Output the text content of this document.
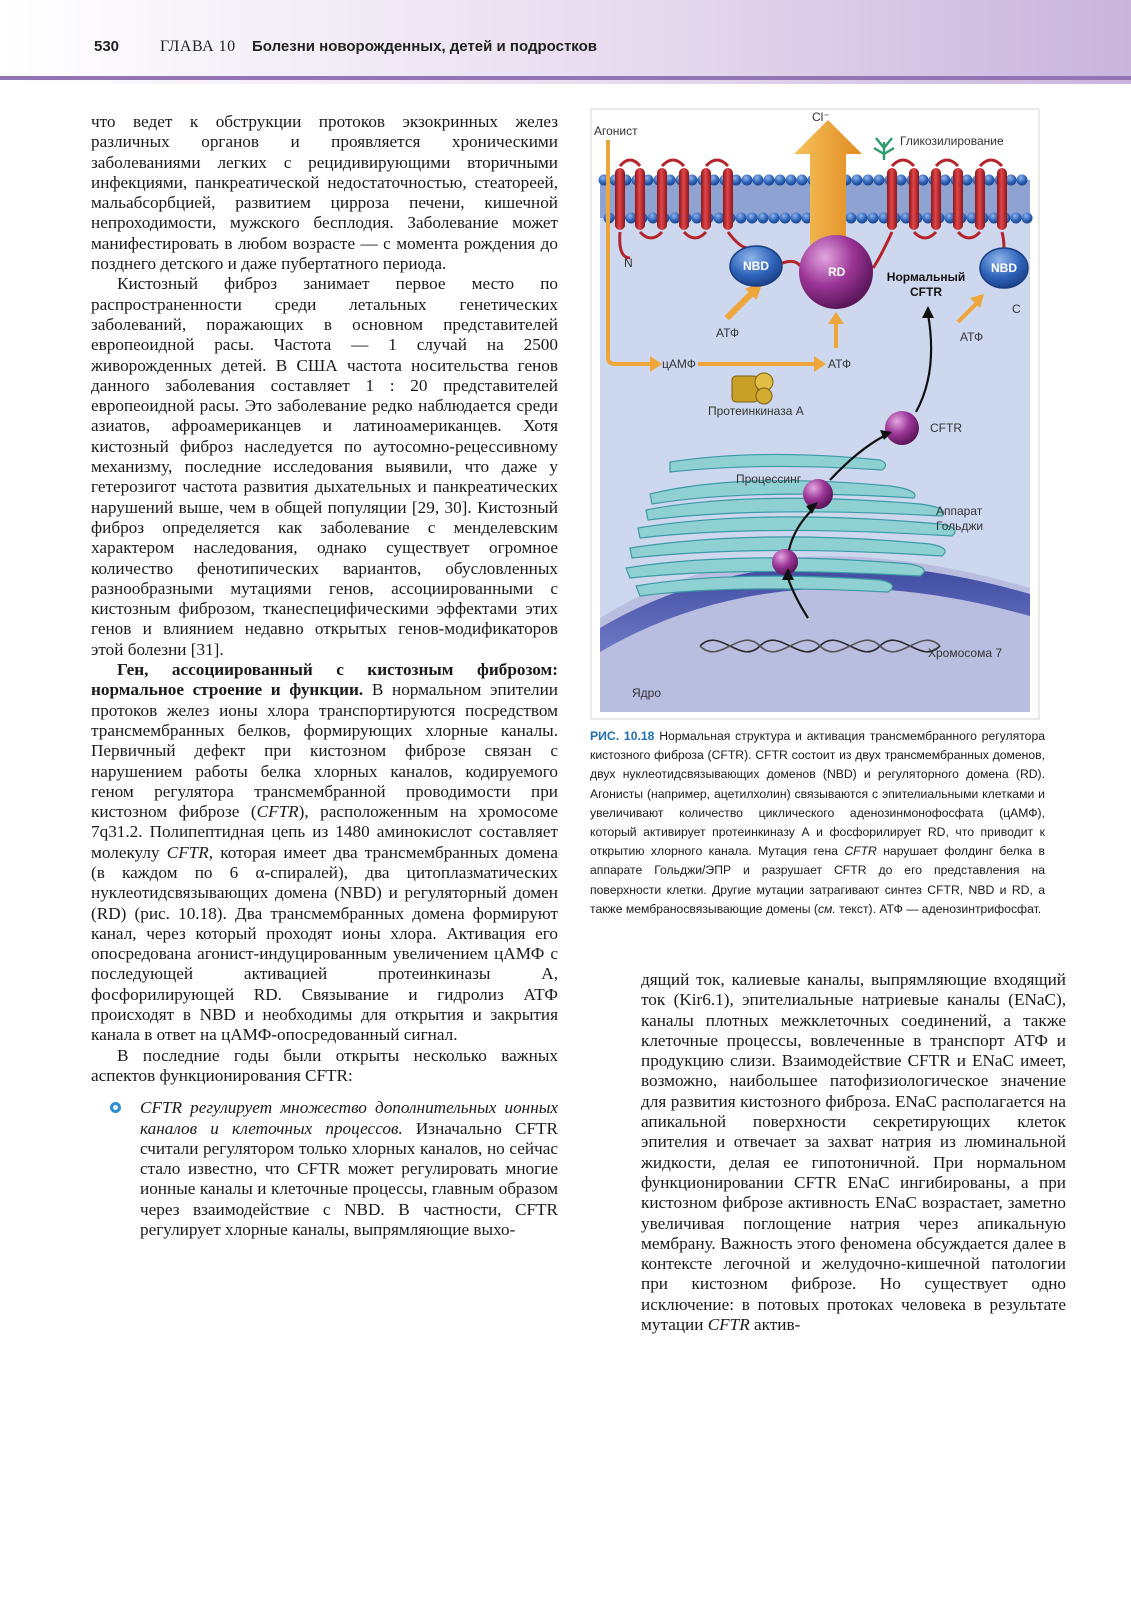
530	ГЛАВА 10 Болезни новорожденных, детей и подростков

что ведет к обструкции протоков экзокринных желез различных органов и проявляется хроническими заболеваниями легких с рецидивирующими вторичными инфекциями, панкреатической недостаточностью, стеатореей, мальабсорбцией, развитием цирроза печени, кишечной непроходимости, мужского бесплодия. Заболевание может манифестировать в любом возрасте — с момента рождения до позднего детского и даже пубертатного периода.

Кистозный фиброз занимает первое место по распространенности среди летальных генетических заболеваний, поражающих в основном представителей европеоидной расы. Частота — 1 случай на 2500 живорожденных детей. В США частота носительства генов данного заболевания составляет 1 : 20 представителей европеоидной расы. Это заболевание редко наблюдается среди азиатов, афроамериканцев и латиноамериканцев. Хотя кистозный фиброз наследуется по аутосомно-рецессивному механизму, последние исследования выявили, что даже у гетерозигот частота развития дыхательных и панкреатических нарушений выше, чем в общей популяции [29, 30]. Кистозный фиброз определяется как заболевание с менделевским характером наследования, однако существует огромное количество фенотипических вариантов, обусловленных разнообразными мутациями генов, ассоциированными с кистозным фиброзом, тканеспецифическими эффектами этих генов и влиянием недавно открытых генов-модификаторов этой болезни [31].

Ген, ассоциированный с кистозным фиброзом: нормальное строение и функции. В нормальном эпителии протоков желез ионы хлора транспортируются посредством трансмембранных белков, формирующих хлорные каналы. Первичный дефект при кистозном фиброзе связан с нарушением работы белка хлорных каналов, кодируемого геном регулятора трансмембранной проводимости при кистозном фиброзе (CFTR), расположенным на хромосоме 7q31.2. Полипептидная цепь из 1480 аминокислот составляет молекулу CFTR, которая имеет два трансмембранных домена (в каждом по 6 α-спиралей), два цитоплазматических нуклеотидсвязывающих домена (NBD) и регуляторный домен (RD) (рис. 10.18). Два трансмембранных домена формируют канал, через который проходят ионы хлора. Активация его опосредована агонист-индуцированным увеличением цАМФ с последующей активацией протеинкиназы А, фосфорилирующей RD. Связывание и гидролиз АТФ происходят в NBD и необходимы для открытия и закрытия канала в ответ на цАМФ-опосредованный сигнал.

В последние годы были открыты несколько важных аспектов функционирования CFTR:

CFTR регулирует множество дополнительных ионных каналов и клеточных процессов. Изначально CFTR считали регулятором только хлорных каналов, но сейчас стало известно, что CFTR может регулировать многие ионные каналы и клеточные процессы, главным образом через взаимодействие с NBD. В частности, CFTR регулирует хлорные каналы, выпрямляющие выхо-

Агонист
Cl⁻
Гликозилирование
N	NBD	RD	Нормальный CFTR
NBD
C
АТФ	АТФ
цАМФ	АТФ
Протеинкиназа А
CFTR
Процессинг
Аппарат Гольджи
Хромосома 7
Ядро
РИС. 10.18 Нормальная структура и активация трансмембранного регулятора кистозного фиброза (CFTR). CFTR состоит из двух трансмембранных доменов, двух нуклеотидсвязывающих доменов (NBD) и регуляторного домена (RD). Агонисты (например, ацетилхолин) связываются с эпителиальными клетками и увеличивают количество циклического аденозинмонофосфата (цАМФ), который активирует протеинкиназу А и фосфорилирует RD, что приводит к открытию хлорного канала. Мутация гена CFTR нарушает фолдинг белка в аппарате Гольджи/ЭПР и разрушает CFTR до его представления на поверхности клетки. Другие мутации затрагивают синтез CFTR, NBD и RD, а также мембраносвязывающие домены (см. текст). АТФ — аденозинтрифосфат.

дящий ток, калиевые каналы, выпрямляющие входящий ток (Kir6.1), эпителиальные натриевые каналы (ENaC), каналы плотных межклеточных соединений, а также клеточные процессы, вовлеченные в транспорт АТФ и продукцию слизи. Взаимодействие CFTR и ENaC имеет, возможно, наибольшее патофизиологическое значение для развития кистозного фиброза. ENaC располагается на апикальной поверхности секретирующих клеток эпителия и отвечает за захват натрия из люминальной жидкости, делая ее гипотоничной. При нормальном функционировании CFTR ENaC ингибированы, а при кистозном фиброзе активность ENaC возрастает, заметно увеличивая поглощение натрия через апикальную мембрану. Важность этого феномена обсуждается далее в контексте легочной и желудочно-кишечной патологии при кистозном фиброзе. Но существует одно исключение: в потовых протоках человека в результате мутации CFTR актив-
